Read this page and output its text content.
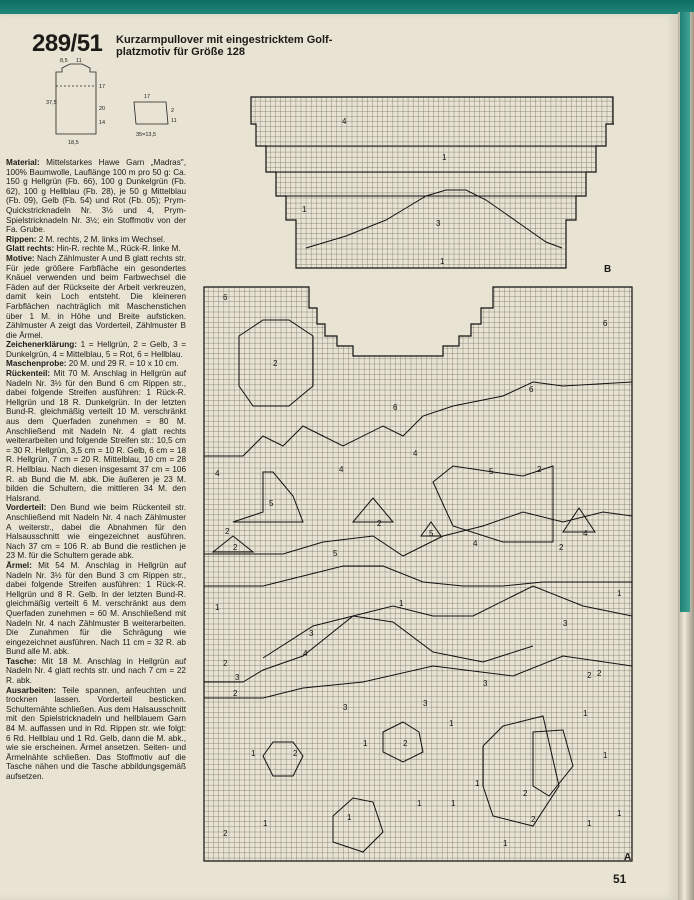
289/51 Kurzarmpullover mit eingestricktem Golf-platzmotiv für Größe 128
8,5 11
37,5
17
20
14
18,5
17
2
11
35=13,5

Material: Mittelstarkes Hawe Garn „Madras", 100% Baumwolle, Lauflänge 100 m pro 50 g: Ca. 150 g Hellgrün (Fb. 66), 100 g Dunkelgrün (Fb. 62), 100 g Hellblau (Fb. 28), je 50 g Mittelblau (Fb. 09), Gelb (Fb. 54) und Rot (Fb. 05); Prym-Quickstricknadeln Nr. 3½ und 4, Prym-Spielstricknadeln Nr. 3½; ein Stoffmotiv von der Fa. Grube.

Rippen: 2 M. rechts, 2 M. links im Wechsel.

Glatt rechts: Hin-R. rechte M., Rück-R. linke M.

Motive: Nach Zählmuster A und B glatt rechts str. Für jede größere Farbfläche ein gesondertes Knäuel verwenden und beim Farbwechsel die Fäden auf der Rückseite der Arbeit verkreuzen, damit kein Loch entsteht. Die kleineren Farbflächen nachträglich mit Maschenstichen über 1 M. in Höhe und Breite aufsticken. Zählmuster A zeigt das Vorderteil, Zählmuster B die Ärmel.

Zeichenerklärung: 1 = Hellgrün, 2 = Gelb, 3 = Dunkelgrün, 4 = Mittelblau, 5 = Rot, 6 = Hellblau.

Maschenprobe: 20 M. und 29 R. = 10 x 10 cm.

Rückenteil: Mit 70 M. Anschlag in Hellgrün auf Nadeln Nr. 3½ für den Bund 6 cm Rippen str., dabei folgende Streifen ausführen: 1 Rück-R. Hellgrün und 18 R. Dunkelgrün. In der letzten Bund-R. gleichmäßig verteilt 10 M. verschränkt aus dem Querfaden zunehmen = 80 M. Anschließend mit Nadeln Nr. 4 glatt rechts weiterarbeiten und folgende Streifen str.: 10,5 cm = 30 R. Hellgrün, 3,5 cm = 10 R. Gelb, 6 cm = 18 R. Hellgrün, 7 cm = 20 R. Mittelblau, 10 cm = 28 R. Hellblau. Nach diesen insgesamt 37 cm = 106 R. ab Bund die M. abk. Die äußeren je 23 M. bilden die Schultern, die mittleren 34 M. den Halsrand.

Vorderteil: Den Bund wie beim Rückenteil str. Anschließend mit Nadeln Nr. 4 nach Zählmuster A weiterstr., dabei die Abnahmen für den Halsausschnitt wie eingezeichnet ausführen. Nach 37 cm = 106 R. ab Bund die restlichen je 23 M. für die Schultern gerade abk.

Ärmel: Mit 54 M. Anschlag in Hellgrün auf Nadeln Nr. 3½ für den Bund 3 cm Rippen str., dabei folgende Streifen ausführen: 1 Rück-R. Hellgrün und 8 R. Gelb. In der letzten Bund-R. gleichmäßig verteilt 6 M. verschränkt aus dem Querfaden zunehmen = 60 M. Anschließend mit Nadeln Nr. 4 nach Zählmuster B weiterarbeiten. Die Zunahmen für die Schrägung wie eingezeichnet ausführen. Nach 11 cm = 32 R. ab Bund alle M. abk.

Tasche: Mit 18 M. Anschlag in Hellgrün auf Nadeln Nr. 4 glatt rechts str. und nach 7 cm = 22 R. abk.

Ausarbeiten: Teile spannen, anfeuchten und trocknen lassen. Vorderteil besticken. Schulternähte schließen. Aus dem Halsausschnitt mit den Spielstricknadeln und hellblauem Garn 84 M. auffassen und in Rd. Rippen str. wie folgt: 6 Rd. Hellblau und 1 Rd. Gelb, dann die M. abk., wie sie erscheinen. Ärmel ansetzen. Seiten- und Ärmelnähte schließen. Das Stoffmotiv auf die Tasche nähen und die Tasche abbildungsgemäß aufsetzen.

4
1
3
1
1
B
6
6
2
6
6
4	4	5	2
4
5
2
2	5
2
5
4
4
2
4
1	1
1
3
2
3
2
3
3
2
2
2
1
1
2
2
1
1
1
1
1
1
1
2
1
1
3	3
2
1
1
A
51
